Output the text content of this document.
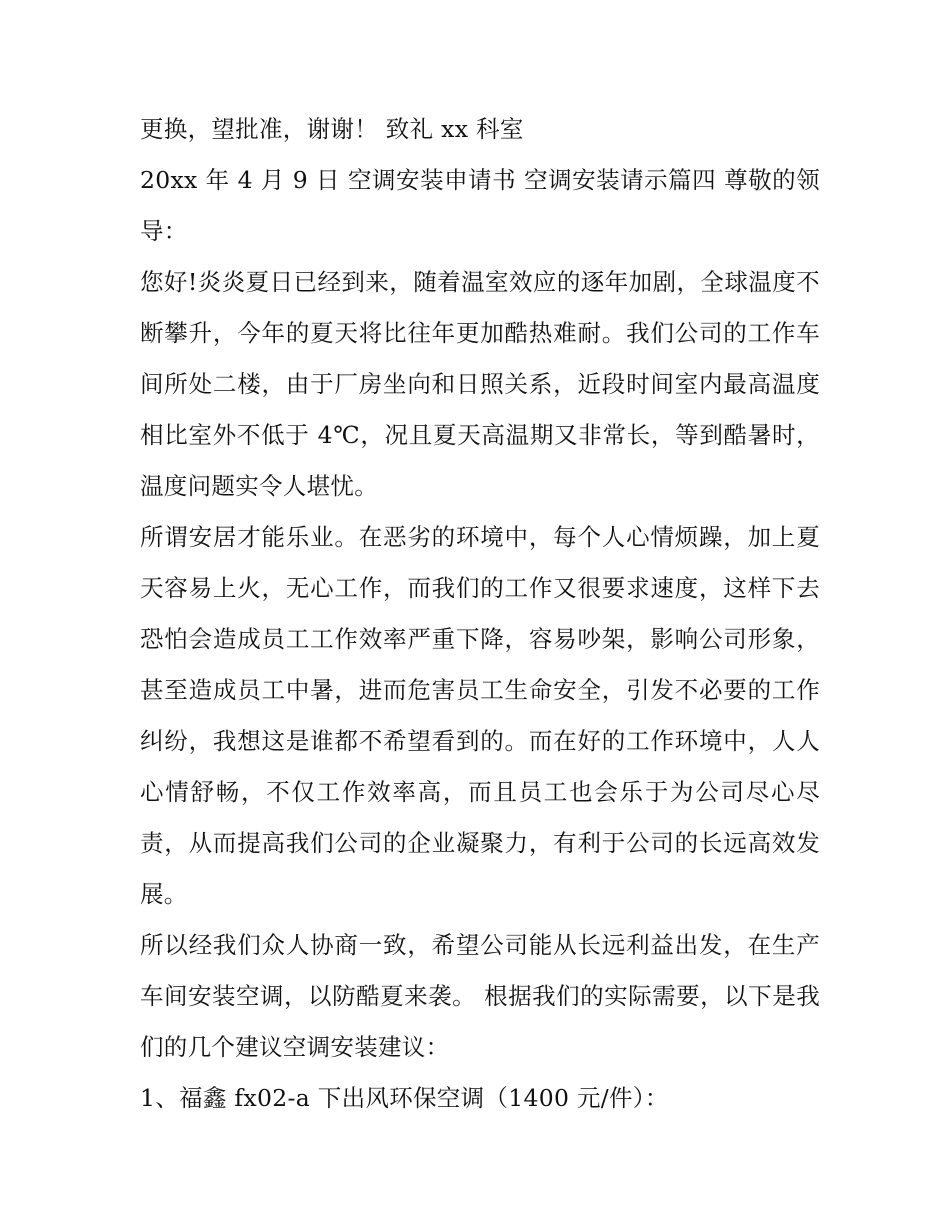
更换，望批准，谢谢！ 致礼 xx 科室

20xx 年 4 月 9 日 空调安装申请书 空调安装请示篇四 尊敬的领导：

您好!炎炎夏日已经到来，随着温室效应的逐年加剧，全球温度不断攀升，今年的夏天将比往年更加酷热难耐。我们公司的工作车间所处二楼，由于厂房坐向和日照关系，近段时间室内最高温度相比室外不低于 4℃，况且夏天高温期又非常长，等到酷暑时，温度问题实令人堪忧。

所谓安居才能乐业。在恶劣的环境中，每个人心情烦躁，加上夏天容易上火，无心工作，而我们的工作又很要求速度，这样下去恐怕会造成员工工作效率严重下降，容易吵架，影响公司形象，甚至造成员工中暑，进而危害员工生命安全，引发不必要的工作纠纷，我想这是谁都不希望看到的。而在好的工作环境中，人人心情舒畅，不仅工作效率高，而且员工也会乐于为公司尽心尽责，从而提高我们公司的企业凝聚力，有利于公司的长远高效发展。

所以经我们众人协商一致，希望公司能从长远利益出发，在生产车间安装空调，以防酷夏来袭。 根据我们的实际需要，以下是我们的几个建议空调安装建议：

1、福鑫 fx02-a 下出风环保空调（1400 元/件）：
